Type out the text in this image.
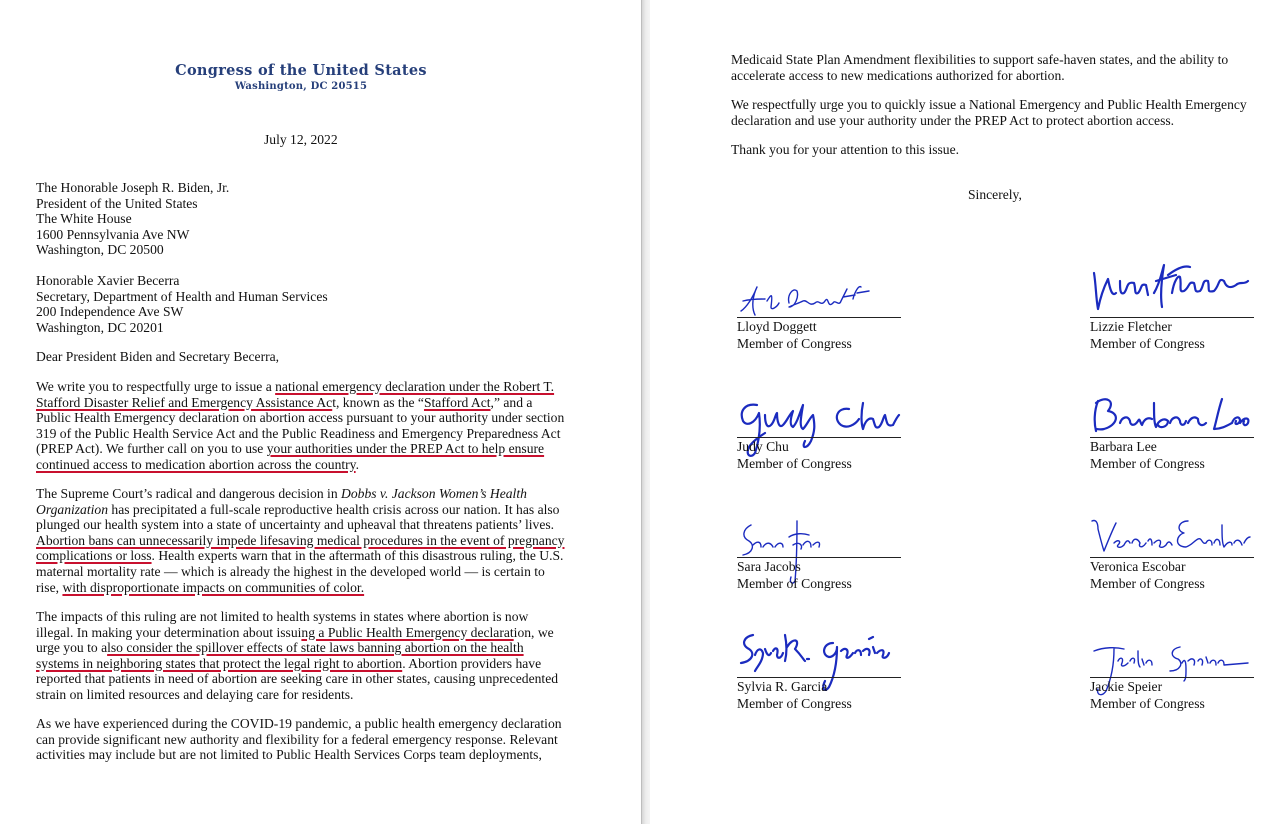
Congress of the United States
Washington, DC 20515
July 12, 2022
The Honorable Joseph R. Biden, Jr.
President of the United States
The White House
1600 Pennsylvania Ave NW
Washington, DC 20500
Honorable Xavier Becerra
Secretary, Department of Health and Human Services
200 Independence Ave SW
Washington, DC 20201
Dear President Biden and Secretary Becerra,
We write you to respectfully urge to issue a national emergency declaration under the Robert T.
Stafford Disaster Relief and Emergency Assistance Act, known as the “Stafford Act,” and a
Public Health Emergency declaration on abortion access pursuant to your authority under section
319 of the Public Health Service Act and the Public Readiness and Emergency Preparedness Act
(PREP Act). We further call on you to use your authorities under the PREP Act to help ensure
continued access to medication abortion across the country.
The Supreme Court’s radical and dangerous decision in Dobbs v. Jackson Women’s Health
Organization has precipitated a full-scale reproductive health crisis across our nation. It has also
plunged our health system into a state of uncertainty and upheaval that threatens patients’ lives.
Abortion bans can unnecessarily impede lifesaving medical procedures in the event of pregnancy
complications or loss. Health experts warn that in the aftermath of this disastrous ruling, the U.S.
maternal mortality rate — which is already the highest in the developed world — is certain to
rise, with disproportionate impacts on communities of color.
The impacts of this ruling are not limited to health systems in states where abortion is now
illegal. In making your determination about issuing a Public Health Emergency declaration, we
urge you to also consider the spillover effects of state laws banning abortion on the health
systems in neighboring states that protect the legal right to abortion. Abortion providers have
reported that patients in need of abortion are seeking care in other states, causing unprecedented
strain on limited resources and delaying care for residents.
As we have experienced during the COVID-19 pandemic, a public health emergency declaration
can provide significant new authority and flexibility for a federal emergency response. Relevant
activities may include but are not limited to Public Health Services Corps team deployments,
Medicaid State Plan Amendment flexibilities to support safe-haven states, and the ability to
accelerate access to new medications authorized for abortion.
We respectfully urge you to quickly issue a National Emergency and Public Health Emergency
declaration and use your authority under the PREP Act to protect abortion access.
Thank you for your attention to this issue.
Sincerely,
Lloyd Doggett
Member of Congress
Lizzie Fletcher
Member of Congress
Judy Chu
Member of Congress
Barbara Lee
Member of Congress
Sara Jacobs
Member of Congress
Veronica Escobar
Member of Congress
Sylvia R. Garcia
Member of Congress
Jackie Speier
Member of Congress
